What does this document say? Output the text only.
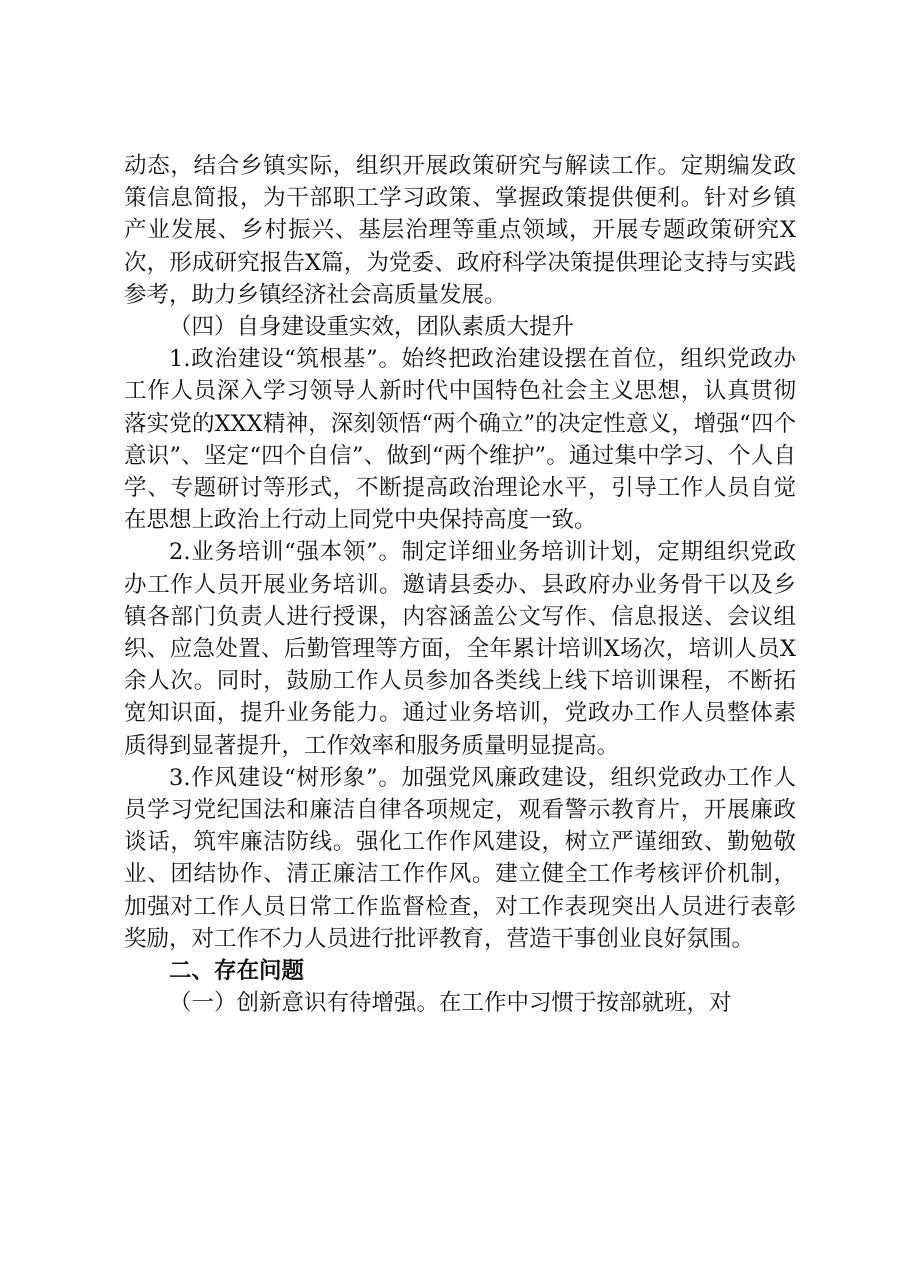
动态，结合乡镇实际，组织开展政策研究与解读工作。定期编发政策信息简报，为干部职工学习政策、掌握政策提供便利。针对乡镇产业发展、乡村振兴、基层治理等重点领域，开展专题政策研究X次，形成研究报告X篇，为党委、政府科学决策提供理论支持与实践参考，助力乡镇经济社会高质量发展。

（四）自身建设重实效，团队素质大提升

1.政治建设“筑根基”。始终把政治建设摆在首位，组织党政办工作人员深入学习领导人新时代中国特色社会主义思想，认真贯彻落实党的XXX精神，深刻领悟“两个确立”的决定性意义，增强“四个意识”、坚定“四个自信”、做到“两个维护”。通过集中学习、个人自学、专题研讨等形式，不断提高政治理论水平，引导工作人员自觉在思想上政治上行动上同党中央保持高度一致。

2.业务培训“强本领”。制定详细业务培训计划，定期组织党政办工作人员开展业务培训。邀请县委办、县政府办业务骨干以及乡镇各部门负责人进行授课，内容涵盖公文写作、信息报送、会议组织、应急处置、后勤管理等方面，全年累计培训X场次，培训人员X余人次。同时，鼓励工作人员参加各类线上线下培训课程，不断拓宽知识面，提升业务能力。通过业务培训，党政办工作人员整体素质得到显著提升，工作效率和服务质量明显提高。

3.作风建设“树形象”。加强党风廉政建设，组织党政办工作人员学习党纪国法和廉洁自律各项规定，观看警示教育片，开展廉政谈话，筑牢廉洁防线。强化工作作风建设，树立严谨细致、勤勉敬业、团结协作、清正廉洁工作作风。建立健全工作考核评价机制，加强对工作人员日常工作监督检查，对工作表现突出人员进行表彰奖励，对工作不力人员进行批评教育，营造干事创业良好氛围。

二、存在问题

（一）创新意识有待增强。在工作中习惯于按部就班，对
